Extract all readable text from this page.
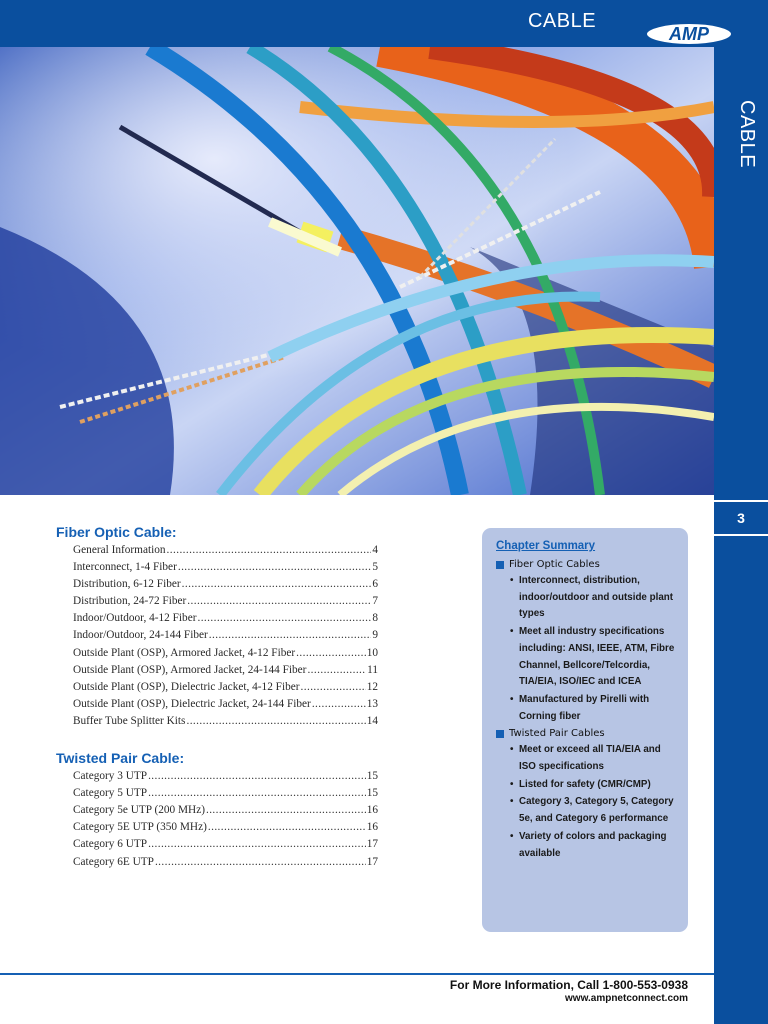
CABLE
AMP
CABLE
3
Fiber Optic Cable:
General Information .....	4
Interconnect, 1-4 Fiber .....	5
Distribution, 6-12 Fiber .....	6
Distribution, 24-72 Fiber .....	7
Indoor/Outdoor, 4-12 Fiber .....	8
Indoor/Outdoor, 24-144 Fiber .....	9
Outside Plant (OSP), Armored Jacket, 4-12 Fiber .....	10
Outside Plant (OSP), Armored Jacket, 24-144 Fiber .....	11
Outside Plant (OSP), Dielectric Jacket, 4-12 Fiber .....	12
Outside Plant (OSP), Dielectric Jacket, 24-144 Fiber .....	13
Buffer Tube Splitter Kits .....	14
Twisted Pair Cable:
Category 3 UTP .....	15
Category 5 UTP .....	15
Category 5e UTP (200 MHz) .....	16
Category 5E UTP (350 MHz) .....	16
Category 6 UTP .....	17
Category 6E UTP .....	17
Chapter Summary
Fiber Optic Cables
• Interconnect, distribution, indoor/outdoor and outside plant types
• Meet all industry specifications including: ANSI, IEEE, ATM, Fibre Channel, Bellcore/Telcordia, TIA/EIA, ISO/IEC and ICEA
• Manufactured by Pirelli with Corning fiber
Twisted Pair Cables
• Meet or exceed all TIA/EIA and ISO specifications
• Listed for safety (CMR/CMP)
• Category 3, Category 5, Category 5e, and Category 6 performance
• Variety of colors and packaging available
For More Information, Call 1-800-553-0938
www.ampnetconnect.com
